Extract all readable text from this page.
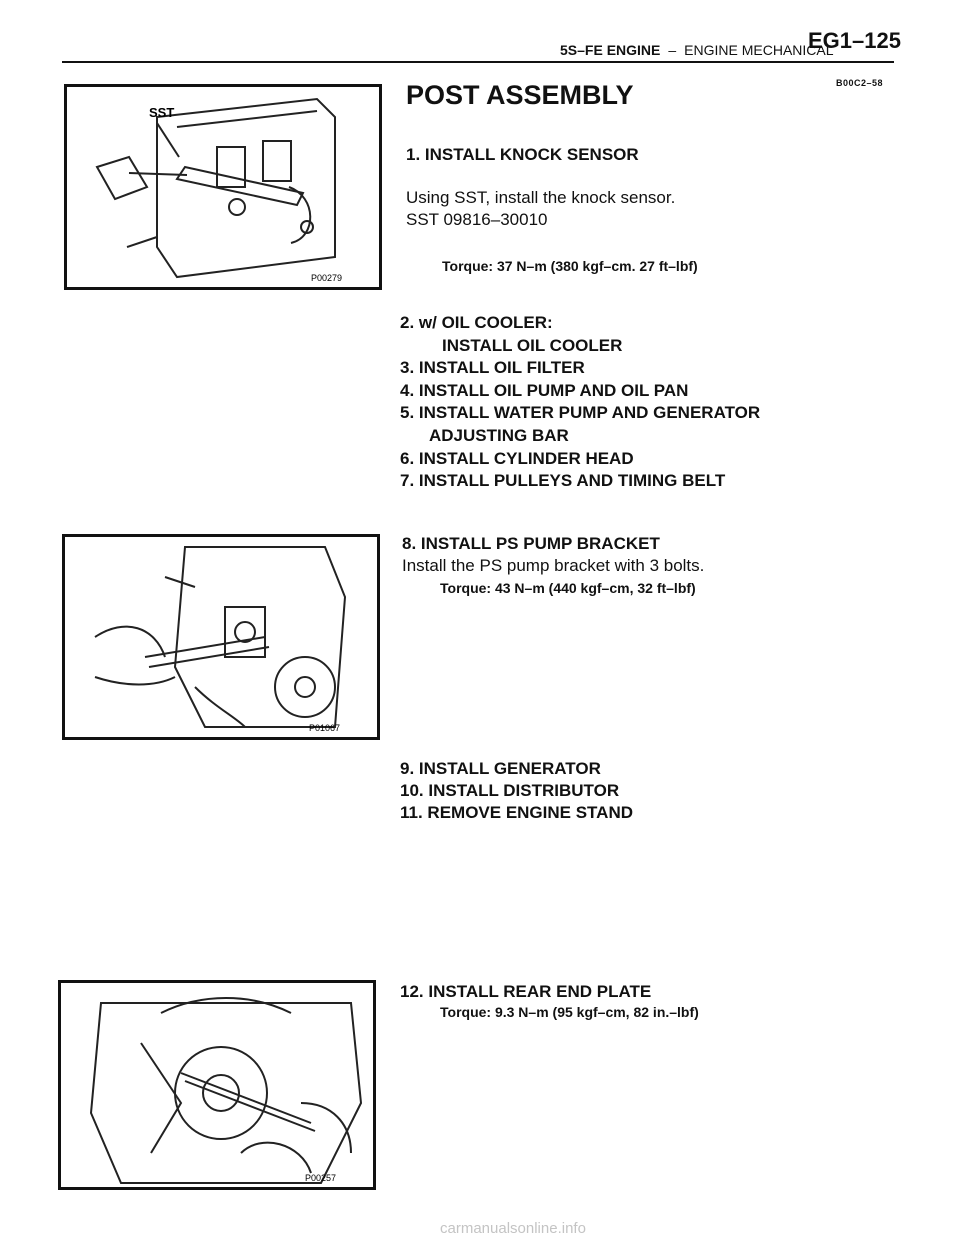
5S–FE ENGINE – ENGINE MECHANICAL
EG1–125
B00C2–58
SST
P00279
POST ASSEMBLY
1. INSTALL KNOCK SENSOR
Using SST, install the knock sensor.
SST 09816–30010
Torque: 37 N–m (380 kgf–cm. 27 ft–lbf)
2. w/ OIL COOLER:
INSTALL OIL COOLER
3. INSTALL OIL FILTER
4. INSTALL OIL PUMP AND OIL PAN
5. INSTALL WATER PUMP AND GENERATOR
ADJUSTING BAR
6. INSTALL CYLINDER HEAD
7. INSTALL PULLEYS AND TIMING BELT
P01067
8. INSTALL PS PUMP BRACKET
Install the PS pump bracket with 3 bolts.
Torque: 43 N–m (440 kgf–cm, 32 ft–lbf)
9. INSTALL GENERATOR
10. INSTALL DISTRIBUTOR
11. REMOVE ENGINE STAND
P00257
12. INSTALL REAR END PLATE
Torque: 9.3 N–m (95 kgf–cm, 82 in.–lbf)
carmanualsonline.info
